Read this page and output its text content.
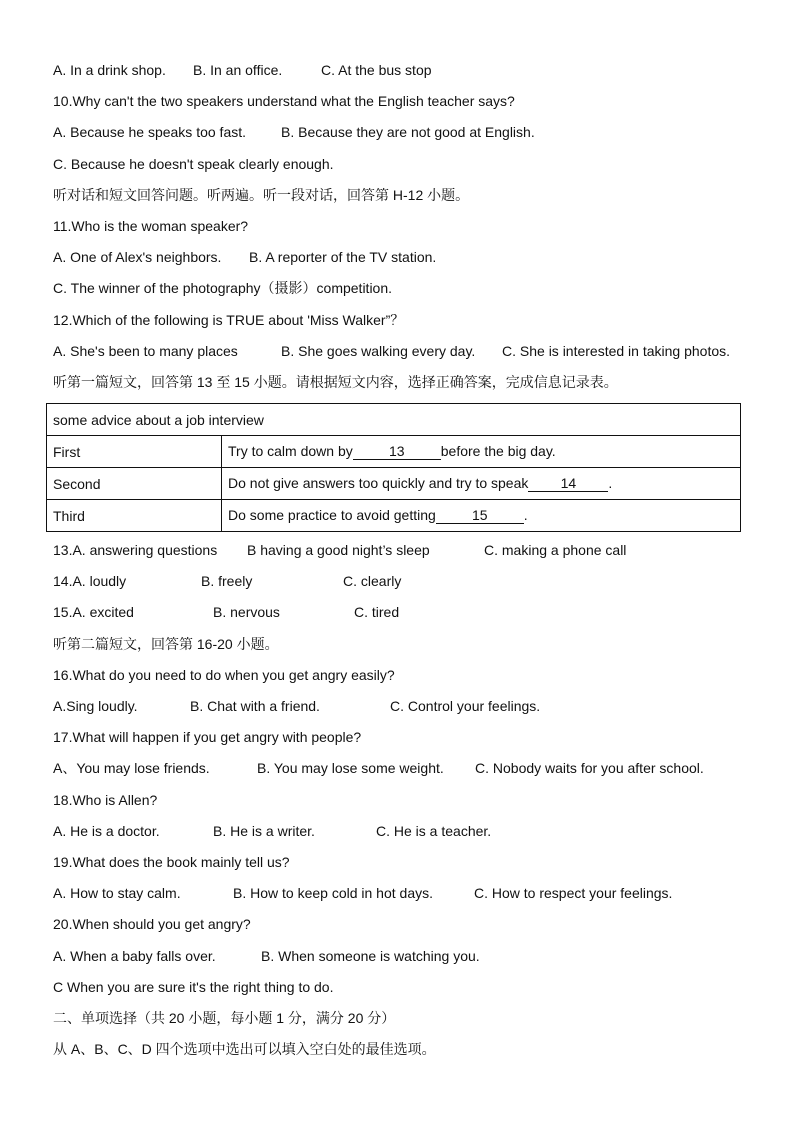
A. In a drink shop. B. In an office.	C. At the bus stop
10.Why can't the two speakers understand what the English teacher says?
A. Because he speaks too fast. B. Because they are not good at English.
C. Because he doesn't speak clearly enough.
听对话和短文回答问题。听两遍。听一段对话，回答第 H-12 小题。
11.Who is the woman speaker?
A. One of Alex's neighbors. B. A reporter of the TV station.
C. The winner of the photography（摄影）competition.
12.Which of the following is TRUE about 'Miss Walker”？
A. She's been to many places	B. She goes walking every day. C. She is interested in taking photos.
听第一篇短文，回答第 13 至 15 小题。请根据短文内容，选择正确答案，完成信息记录表。
some advice about a job interview	
First	Try to calm down by 13 before the big day.
Second	Do not give answers too quickly and try to speak 14 .
Third	Do some practice to avoid getting 15 .
13.A. answering questions B having a good night’s sleep	C. making a phone call
14.A. loudly	B. freely	C. clearly
15.A. excited	B. nervous	C. tired
听第二篇短文，回答第 16-20 小题。
16.What do you need to do when you get angry easily?
A.Sing loudly.	B. Chat with a friend.	C. Control your feelings.
17.What will happen if you get angry with people?
A、You may lose friends.	B. You may lose some weight. C. Nobody waits for you after school.
18.Who is Allen?
A. He is a doctor.	B. He is a writer.	C. He is a teacher.
19.What does the book mainly tell us?
A. How to stay calm.	B. How to keep cold in hot days.	C. How to respect your feelings.
20.When should you get angry?
A. When a baby falls over.	B. When someone is watching you.
C When you are sure it's the right thing to do.
二、单项选择（共 20 小题，每小题 1 分，满分 20 分）
从 A、B、C、D 四个选项中选出可以填入空白处的最佳选项。
